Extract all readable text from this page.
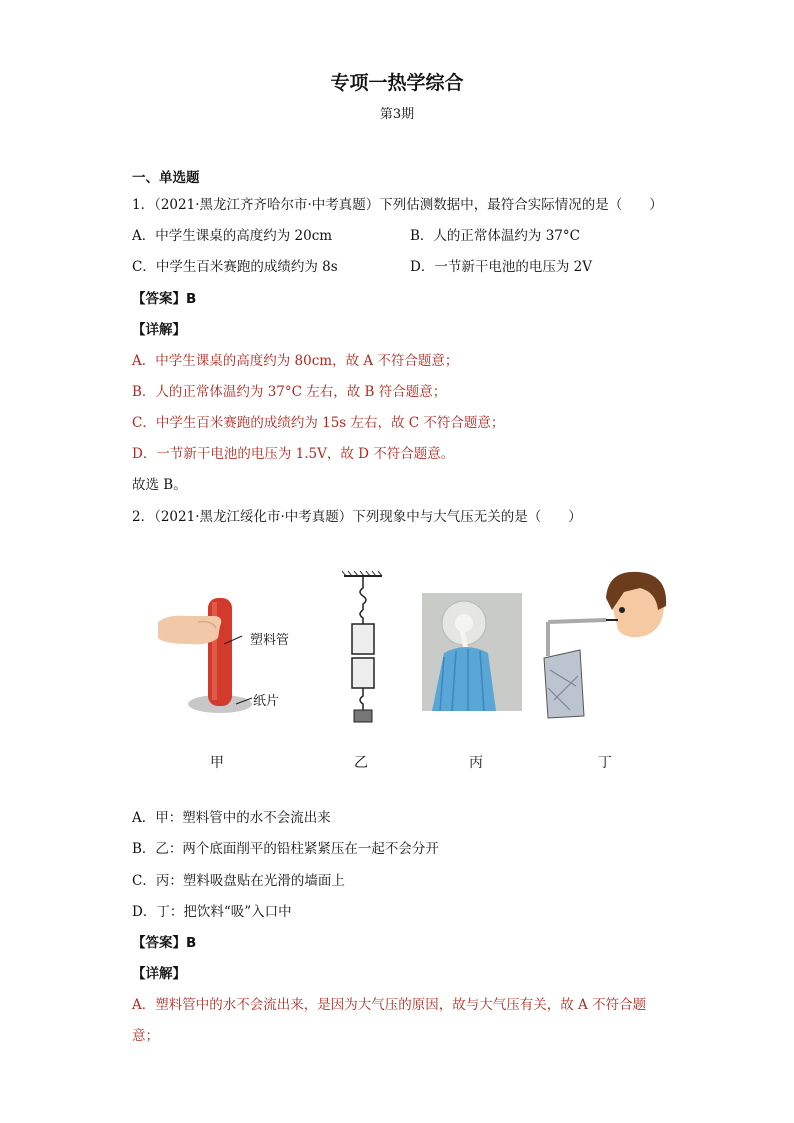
专项一热学综合
第3期
一、单选题
1．（2021·黑龙江齐齐哈尔市·中考真题）下列估测数据中，最符合实际情况的是（　　）
A．中学生课桌的高度约为 20cm	B．人的正常体温约为 37°C
C．中学生百米赛跑的成绩约为 8s	D．一节新干电池的电压为 2V
【答案】B
【详解】
A．中学生课桌的高度约为 80cm，故 A 不符合题意；
B．人的正常体温约为 37°C 左右，故 B 符合题意；
C．中学生百米赛跑的成绩约为 15s 左右，故 C 不符合题意；
D．一节新干电池的电压为 1.5V，故 D 不符合题意。
故选 B。
2．（2021·黑龙江绥化市·中考真题）下列现象中与大气压无关的是（　　）
塑料管
纸片
甲	乙	丙	丁
A．甲：塑料管中的水不会流出来
B．乙：两个底面削平的铅柱紧紧压在一起不会分开
C．丙：塑料吸盘贴在光滑的墙面上
D．丁：把饮料“吸”入口中
【答案】B
【详解】
A．塑料管中的水不会流出来，是因为大气压的原因，故与大气压有关，故 A 不符合题
意；
